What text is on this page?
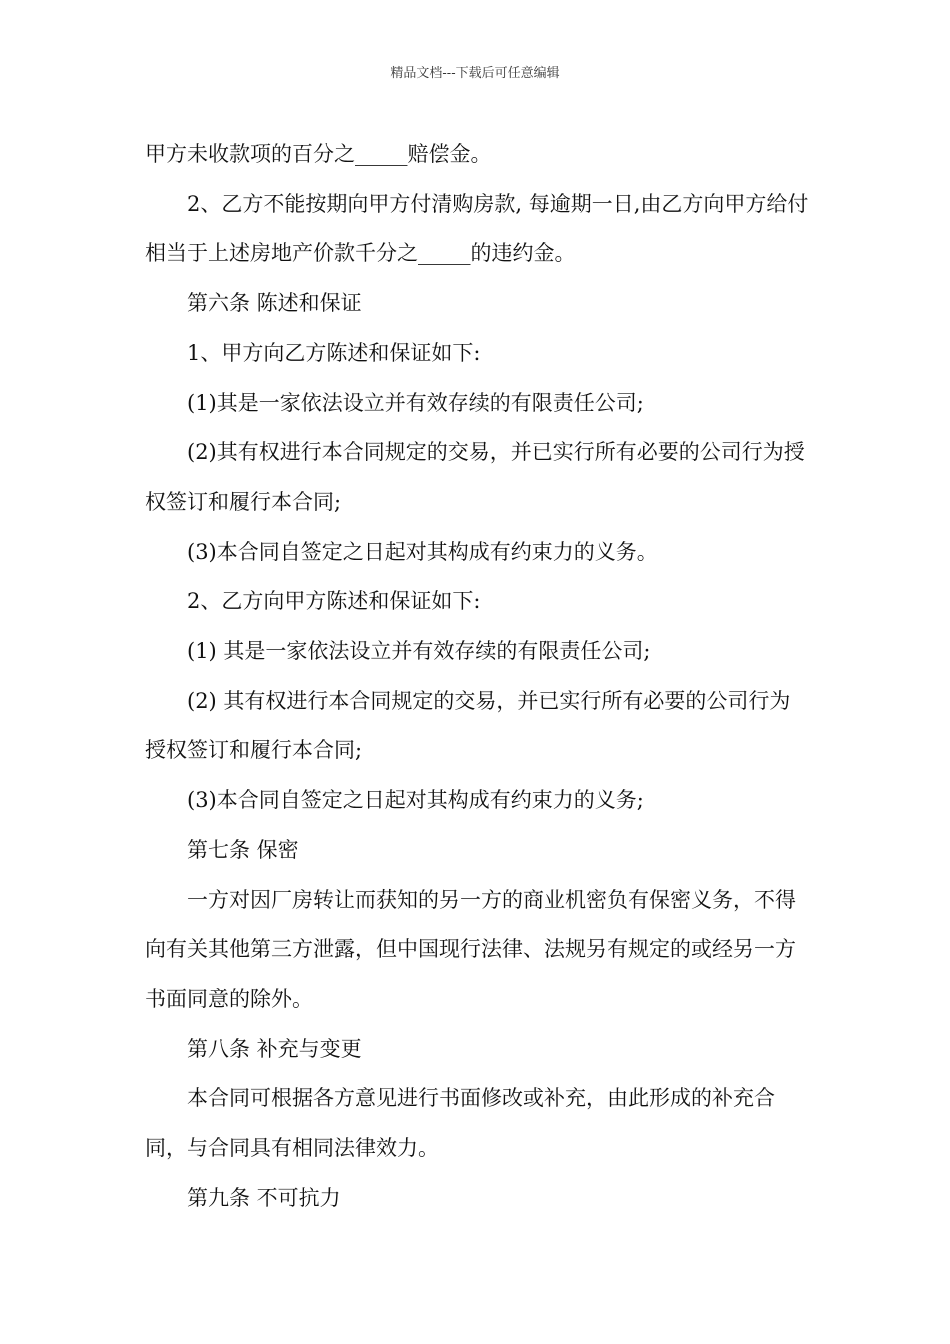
精品文档---下载后可任意编辑

甲方未收款项的百分之_____赔偿金。

2、乙方不能按期向甲方付清购房款, 每逾期一日,由乙方向甲方给付相当于上述房地产价款千分之_____的违约金。

第六条 陈述和保证

1、甲方向乙方陈述和保证如下:

(1)其是一家依法设立并有效存续的有限责任公司;

(2)其有权进行本合同规定的交易，并已实行所有必要的公司行为授权签订和履行本合同;

(3)本合同自签定之日起对其构成有约束力的义务。

2、乙方向甲方陈述和保证如下:

(1) 其是一家依法设立并有效存续的有限责任公司;

(2) 其有权进行本合同规定的交易，并已实行所有必要的公司行为授权签订和履行本合同;

(3)本合同自签定之日起对其构成有约束力的义务;

第七条 保密

一方对因厂房转让而获知的另一方的商业机密负有保密义务，不得向有关其他第三方泄露，但中国现行法律、法规另有规定的或经另一方书面同意的除外。

第八条 补充与变更

本合同可根据各方意见进行书面修改或补充，由此形成的补充合同，与合同具有相同法律效力。

第九条 不可抗力
